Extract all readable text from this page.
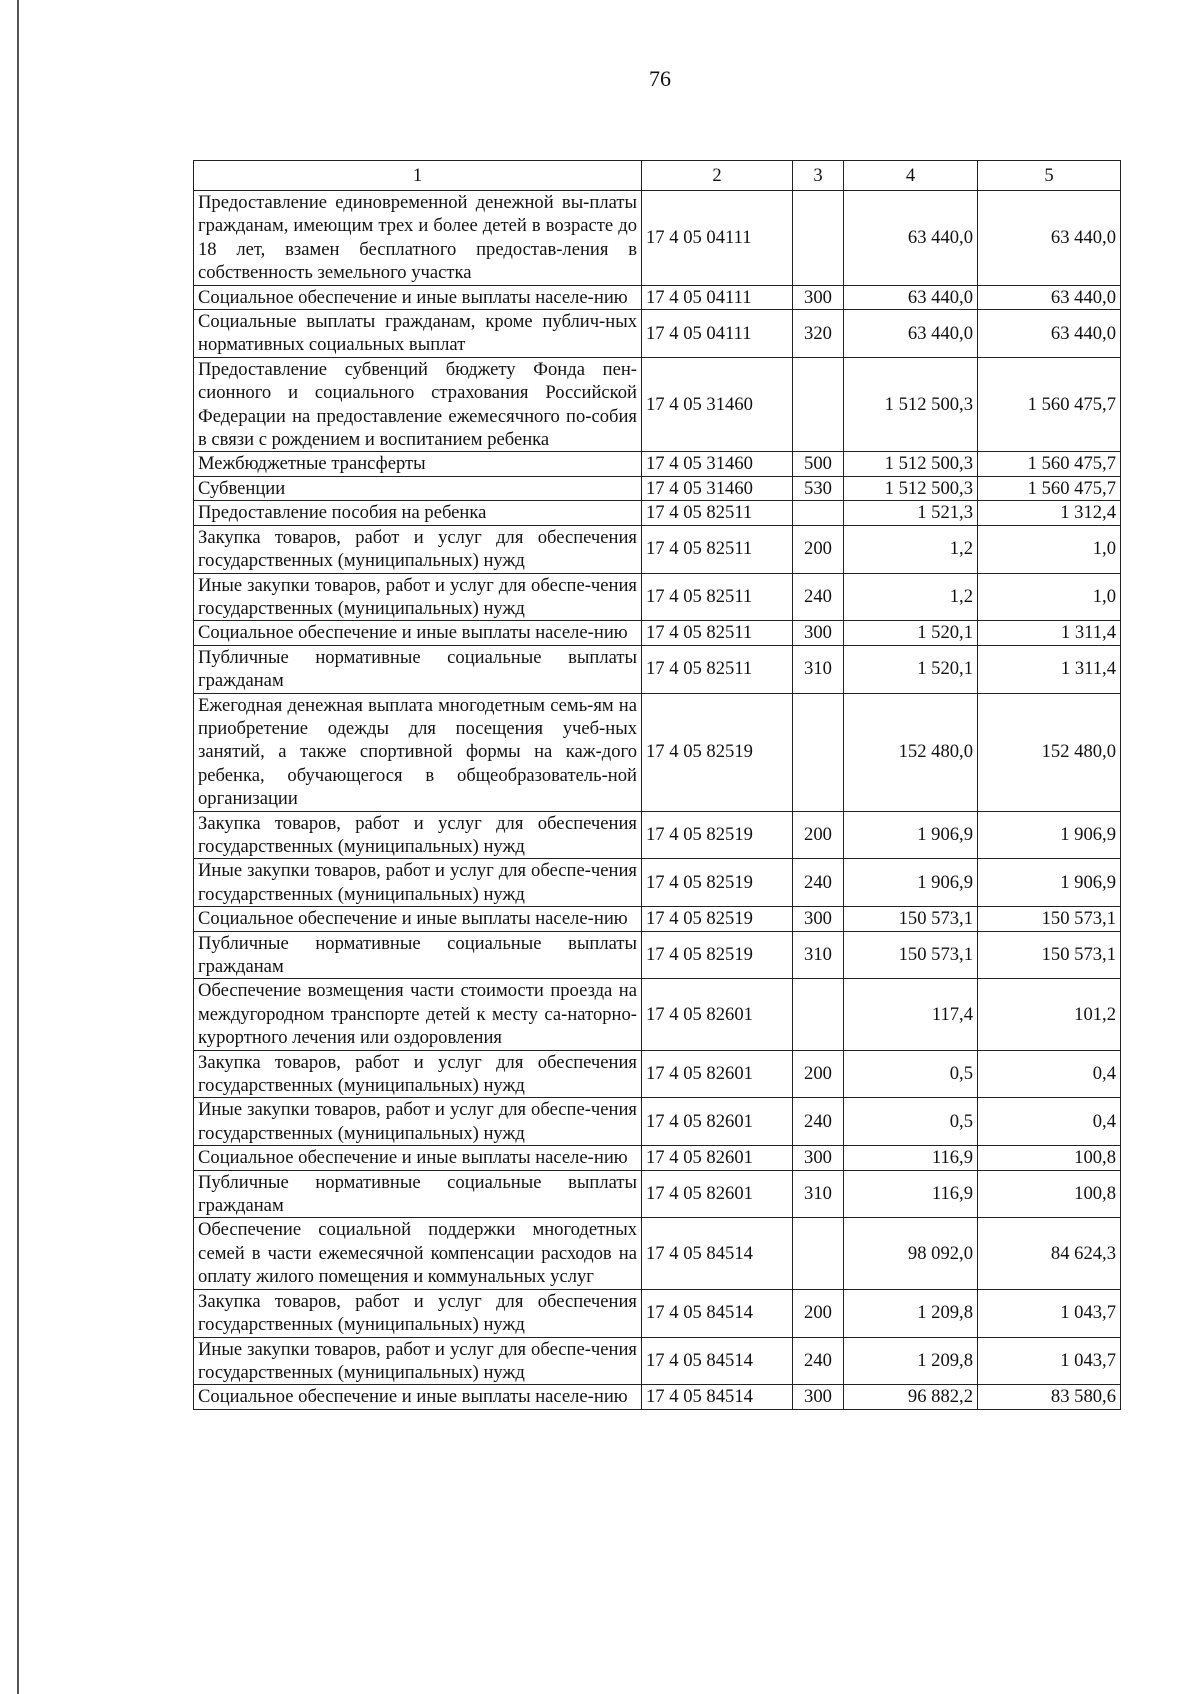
76
1	2	3	4	5
Предоставление единовременной денежной вы-платы гражданам, имеющим трех и более детей в возрасте до 18 лет, взамен бесплатного предостав-ления в собственность земельного участка	17 4 05 04111		63 440,0	63 440,0
Социальное обеспечение и иные выплаты населе-нию	17 4 05 04111	300	63 440,0	63 440,0
Социальные выплаты гражданам, кроме публич-ных нормативных социальных выплат	17 4 05 04111	320	63 440,0	63 440,0
Предоставление субвенций бюджету Фонда пен-сионного и социального страхования Российской Федерации на предоставление ежемесячного по-собия в связи с рождением и воспитанием ребенка	17 4 05 31460		1 512 500,3	1 560 475,7
Межбюджетные трансферты	17 4 05 31460	500	1 512 500,3	1 560 475,7
Субвенции	17 4 05 31460	530	1 512 500,3	1 560 475,7
Предоставление пособия на ребенка	17 4 05 82511		1 521,3	1 312,4
Закупка товаров, работ и услуг для обеспечения государственных (муниципальных) нужд	17 4 05 82511	200	1,2	1,0
Иные закупки товаров, работ и услуг для обеспе-чения государственных (муниципальных) нужд	17 4 05 82511	240	1,2	1,0
Социальное обеспечение и иные выплаты населе-нию	17 4 05 82511	300	1 520,1	1 311,4
Публичные нормативные социальные выплаты гражданам	17 4 05 82511	310	1 520,1	1 311,4
Ежегодная денежная выплата многодетным семь-ям на приобретение одежды для посещения учеб-ных занятий, а также спортивной формы на каж-дого ребенка, обучающегося в общеобразователь-ной организации	17 4 05 82519		152 480,0	152 480,0
Закупка товаров, работ и услуг для обеспечения государственных (муниципальных) нужд	17 4 05 82519	200	1 906,9	1 906,9
Иные закупки товаров, работ и услуг для обеспе-чения государственных (муниципальных) нужд	17 4 05 82519	240	1 906,9	1 906,9
Социальное обеспечение и иные выплаты населе-нию	17 4 05 82519	300	150 573,1	150 573,1
Публичные нормативные социальные выплаты гражданам	17 4 05 82519	310	150 573,1	150 573,1
Обеспечение возмещения части стоимости проезда на междугородном транспорте детей к месту са-наторно-курортного лечения или оздоровления	17 4 05 82601		117,4	101,2
Закупка товаров, работ и услуг для обеспечения государственных (муниципальных) нужд	17 4 05 82601	200	0,5	0,4
Иные закупки товаров, работ и услуг для обеспе-чения государственных (муниципальных) нужд	17 4 05 82601	240	0,5	0,4
Социальное обеспечение и иные выплаты населе-нию	17 4 05 82601	300	116,9	100,8
Публичные нормативные социальные выплаты гражданам	17 4 05 82601	310	116,9	100,8
Обеспечение социальной поддержки многодетных семей в части ежемесячной компенсации расходов на оплату жилого помещения и коммунальных услуг	17 4 05 84514		98 092,0	84 624,3
Закупка товаров, работ и услуг для обеспечения государственных (муниципальных) нужд	17 4 05 84514	200	1 209,8	1 043,7
Иные закупки товаров, работ и услуг для обеспе-чения государственных (муниципальных) нужд	17 4 05 84514	240	1 209,8	1 043,7
Социальное обеспечение и иные выплаты населе-нию	17 4 05 84514	300	96 882,2	83 580,6
